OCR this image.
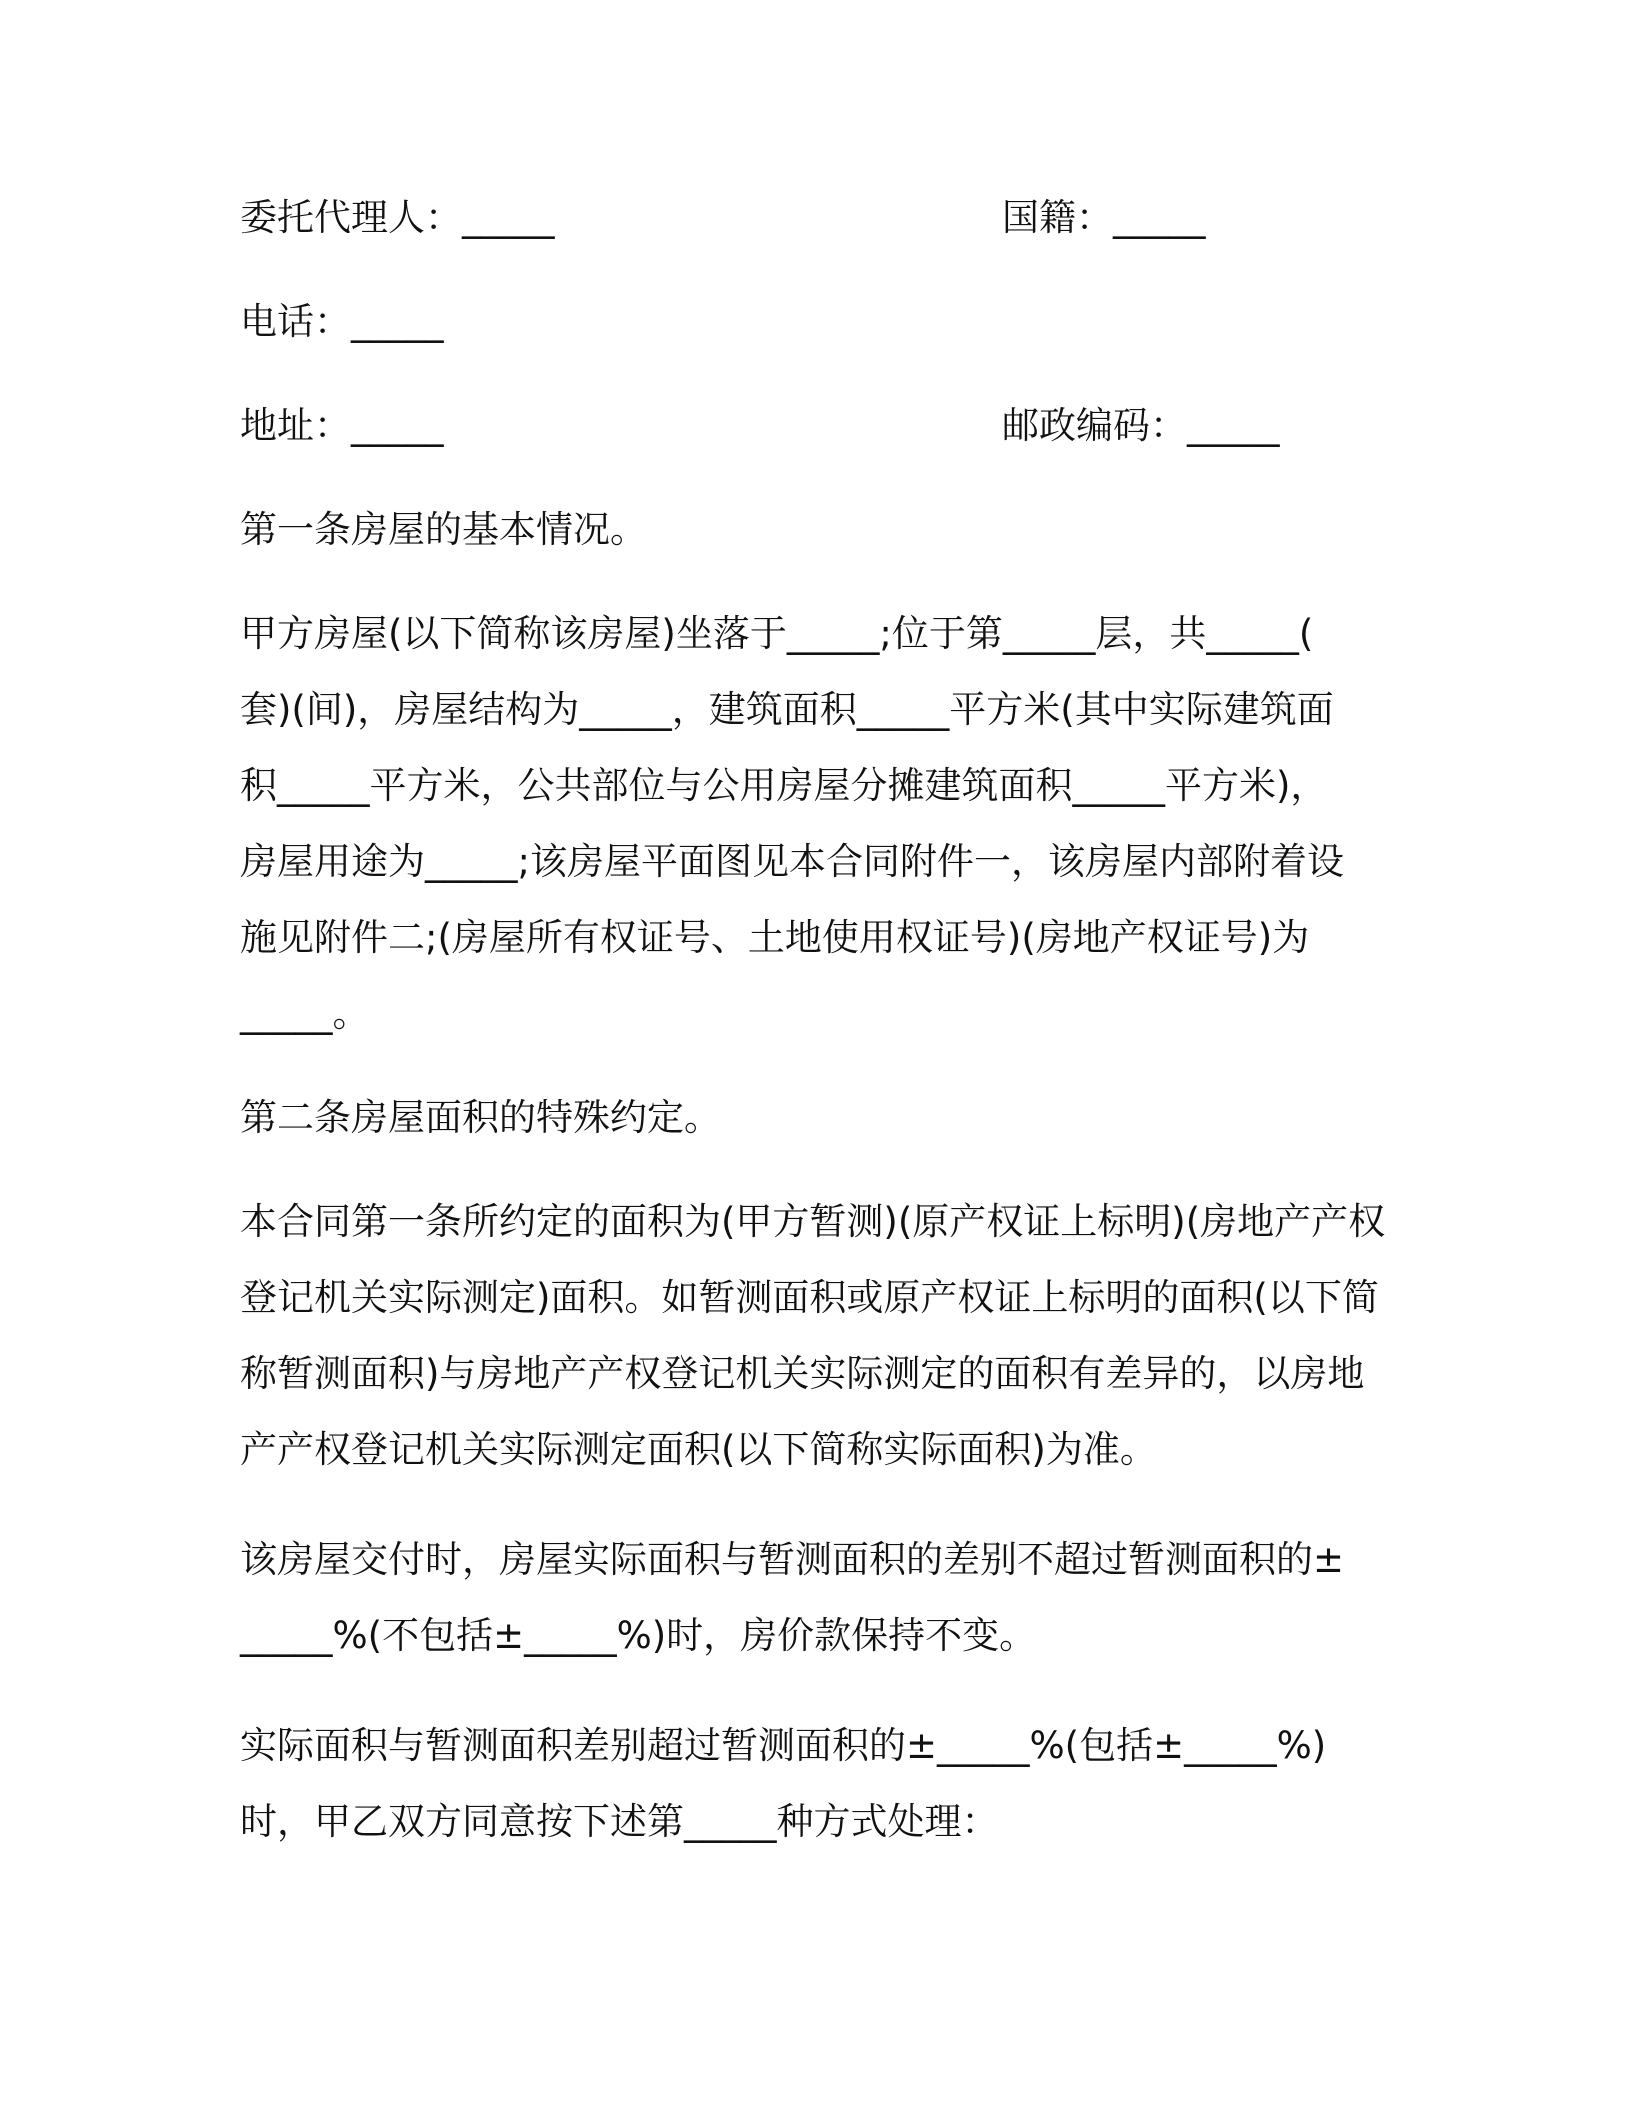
委托代理人：_____	国籍：_____
电话：_____
地址：_____	邮政编码：_____
第一条房屋的基本情况。
甲方房屋(以下简称该房屋)坐落于_____;位于第_____层，共_____(
套)(间)，房屋结构为_____，建筑面积_____平方米(其中实际建筑面
积_____平方米，公共部位与公用房屋分摊建筑面积_____平方米)，
房屋用途为_____;该房屋平面图见本合同附件一，该房屋内部附着设
施见附件二;(房屋所有权证号、土地使用权证号)(房地产权证号)为
_____。
第二条房屋面积的特殊约定。
本合同第一条所约定的面积为(甲方暂测)(原产权证上标明)(房地产产权
登记机关实际测定)面积。如暂测面积或原产权证上标明的面积(以下简
称暂测面积)与房地产产权登记机关实际测定的面积有差异的，以房地
产产权登记机关实际测定面积(以下简称实际面积)为准。
该房屋交付时，房屋实际面积与暂测面积的差别不超过暂测面积的±
_____%(不包括±_____%)时，房价款保持不变。
实际面积与暂测面积差别超过暂测面积的±_____%(包括±_____%)
时，甲乙双方同意按下述第_____种方式处理：
